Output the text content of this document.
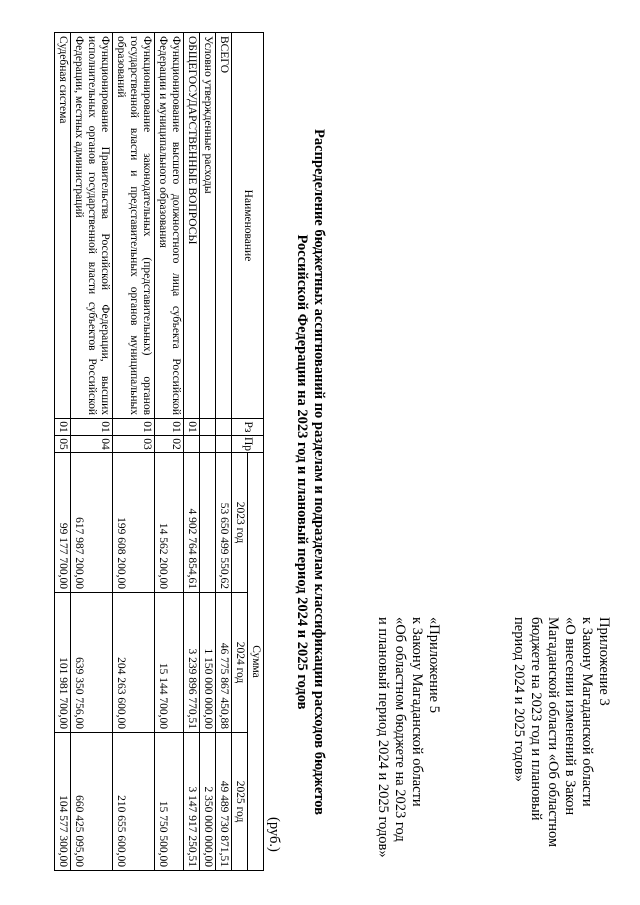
Приложение 3
к Закону Магаданской области
«О внесении изменений в Закон
Магаданской области «Об областном
бюджете на 2023 год и плановый
период 2024 и 2025 годов»
«Приложение 5
к Закону Магаданской области
«Об областном бюджете на 2023 год
и плановый период 2024 и 2025 годов»
Распределение бюджетных ассигнований по разделам и подразделам классификации расходов бюджетов
Российской Федерации на 2023 год и плановый период 2024 и 2025 годов
(руб.)
Наименование	Рз	Пр	Сумма		
			2023 год	2024 год	2025 год
ВСЕГО			53 650 499 550,62	46 775 867 450,88	49 489 730 871,51
Условно утвержденные расходы				1 150 000 000,00	2 350 000 000,00
ОБЩЕГОСУДАРСТВЕННЫЕ ВОПРОСЫ	01		4 902 764 854,61	3 239 896 770,51	3 147 917 250,51
Функционирование высшего должностного лица субъекта Российской Федерации и муниципального образования	01	02	14 562 200,00	15 144 700,00	15 750 500,00
Функционирование законодательных (представительных) органов государственной власти и представительных органов муниципальных образований	01	03	199 608 200,00	204 263 600,00	210 655 600,00
Функционирование Правительства Российской Федерации, высших исполнительных органов государственной власти субъектов Российской Федерации, местных администраций	01	04	617 987 200,00	639 350 756,00	660 425 095,00
Судебная система	01	05	99 177 700,00	101 981 700,00	104 577 300,00
